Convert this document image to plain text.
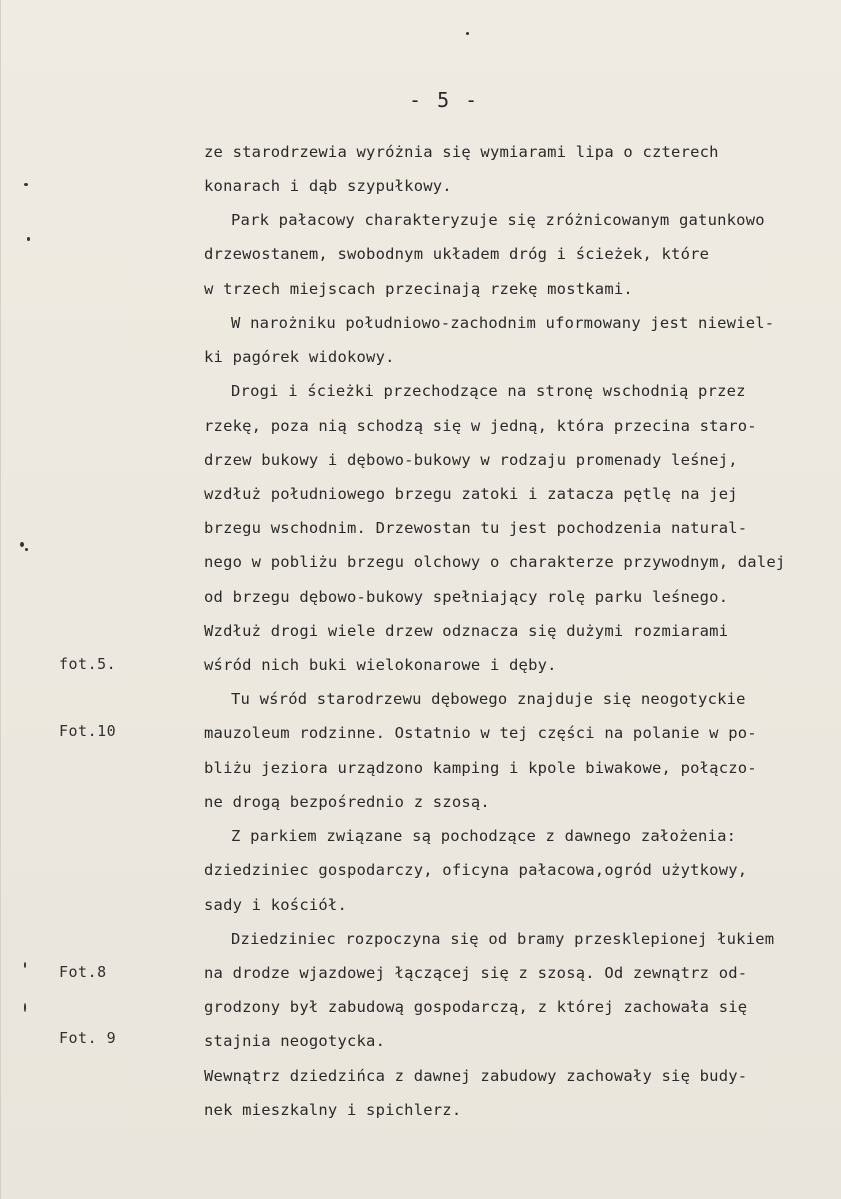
- 5 -
fot.5.
Fot.10
Fot.8
Fot. 9
ze starodrzewia wyróżnia się wymiarami lipa o czterech
konarach i dąb szypułkowy.
Park pałacowy charakteryzuje się zróżnicowanym gatunkowo
drzewostanem, swobodnym układem dróg i ścieżek, które
w trzech miejscach przecinają rzekę mostkami.
W narożniku południowo-zachodnim uformowany jest niewiel-
ki pagórek widokowy.
Drogi i ścieżki przechodzące na stronę wschodnią przez
rzekę, poza nią schodzą się w jedną, która przecina staro-
drzew bukowy i dębowo-bukowy w rodzaju promenady leśnej,
wzdłuż południowego brzegu zatoki i zatacza pętlę na jej
brzegu wschodnim. Drzewostan tu jest pochodzenia natural-
nego w pobliżu brzegu olchowy o charakterze przywodnym, dalej
od brzegu dębowo-bukowy spełniający rolę parku leśnego.
Wzdłuż drogi wiele drzew odznacza się dużymi rozmiarami
wśród nich buki wielokonarowe i dęby.
Tu wśród starodrzewu dębowego znajduje się neogotyckie
mauzoleum rodzinne. Ostatnio w tej części na polanie w po-
bliżu jeziora urządzono kamping i kpole biwakowe, połączo-
ne drogą bezpośrednio z szosą.
Z parkiem związane są pochodzące z dawnego założenia:
dziedziniec gospodarczy, oficyna pałacowa,ogród użytkowy,
sady i kościół.
Dziedziniec rozpoczyna się od bramy przesklepionej łukiem
na drodze wjazdowej łączącej się z szosą. Od zewnątrz od-
grodzony był zabudową gospodarczą, z której zachowała się
stajnia neogotycka.
Wewnątrz dziedzińca z dawnej zabudowy zachowały się budy-
nek mieszkalny i spichlerz.
